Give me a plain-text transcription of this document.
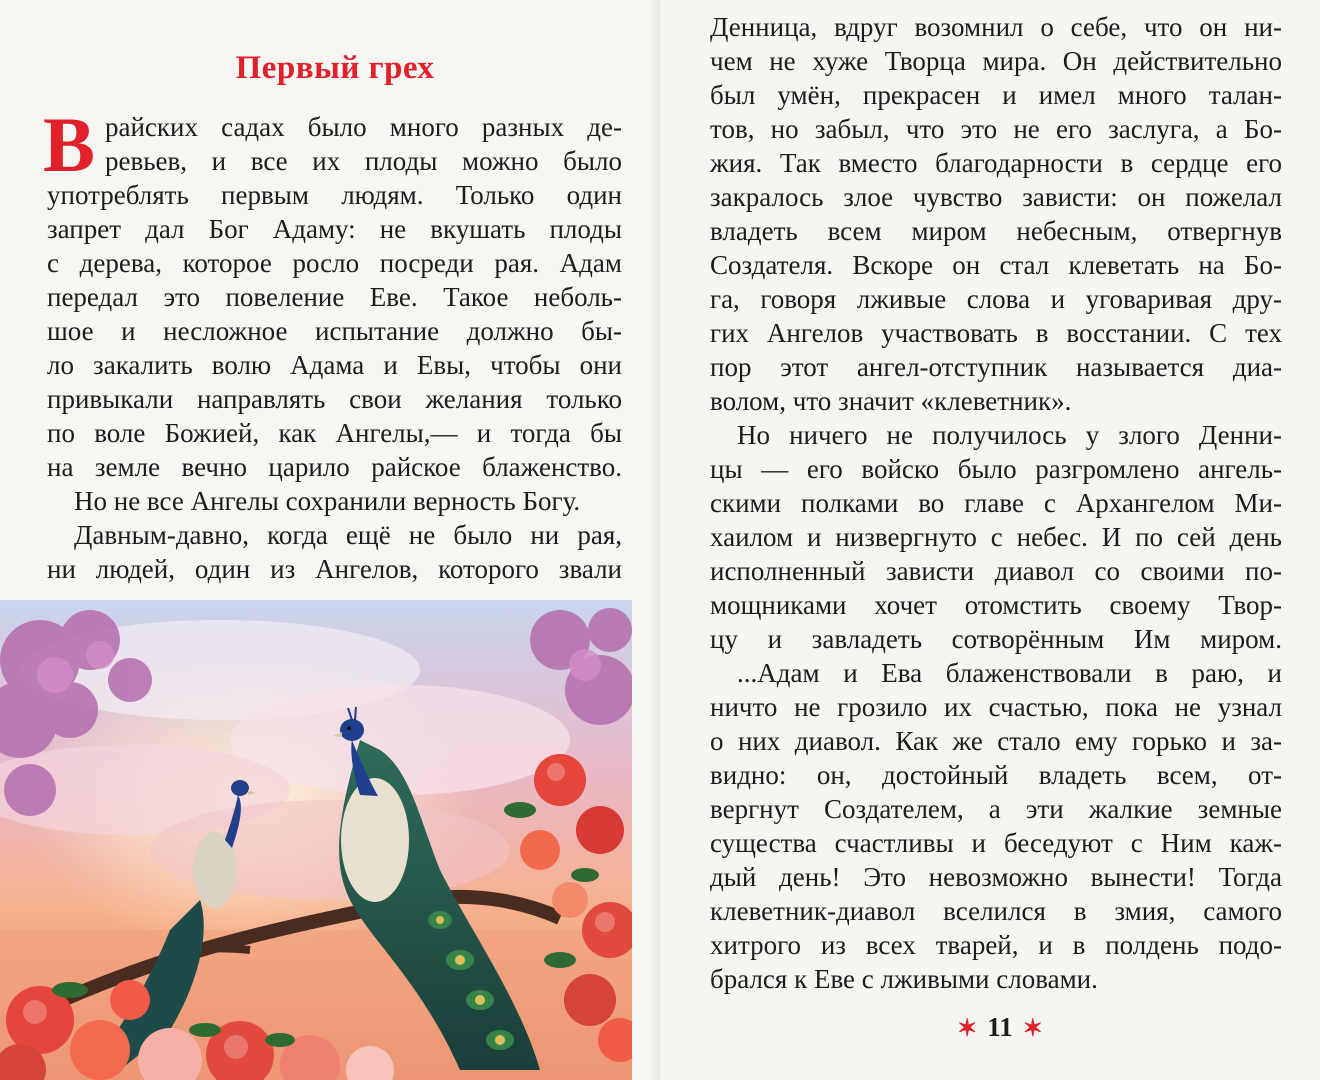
Первый грех
В райских садах было много разных де-
ревьев, и все их плоды можно было
употреблять первым людям. Только один
запрет дал Бог Адаму: не вкушать плоды
с дерева, которое росло посреди рая. Адам
передал это повеление Еве. Такое неболь-
шое и несложное испытание должно бы-
ло закалить волю Адама и Евы, чтобы они
привыкали направлять свои желания только
по воле Божией, как Ангелы,— и тогда бы
на земле вечно царило райское блаженство.
Но не все Ангелы сохранили верность Богу.
Давным-давно, когда ещё не было ни рая,
ни людей, один из Ангелов, которого звали
Денница, вдруг возомнил о себе, что он ни-
чем не хуже Творца мира. Он действительно
был умён, прекрасен и имел много талан-
тов, но забыл, что это не его заслуга, а Бо-
жия. Так вместо благодарности в сердце его
закралось злое чувство зависти: он пожелал
владеть всем миром небесным, отвергнув
Создателя. Вскоре он стал клеветать на Бо-
га, говоря лживые слова и уговаривая дру-
гих Ангелов участвовать в восстании. С тех
пор этот ангел-отступник называется диа-
волом, что значит «клеветник».
Но ничего не получилось у злого Денни-
цы — его войско было разгромлено ангель-
скими полками во главе с Архангелом Ми-
хаилом и низвергнуто с небес. И по сей день
исполненный зависти диавол со своими по-
мощниками хочет отомстить своему Твор-
цу и завладеть сотворённым Им миром.
...Адам и Ева блаженствовали в раю, и
ничто не грозило их счастью, пока не узнал
о них диавол. Как же стало ему горько и за-
видно: он, достойный владеть всем, от-
вергнут Создателем, а эти жалкие земные
существа счастливы и беседуют с Ним каж-
дый день! Это невозможно вынести! Тогда
клеветник-диавол вселился в змия, самого
хитрого из всех тварей, и в полдень подо-
брался к Еве с лживыми словами.
✶ 11 ✶
